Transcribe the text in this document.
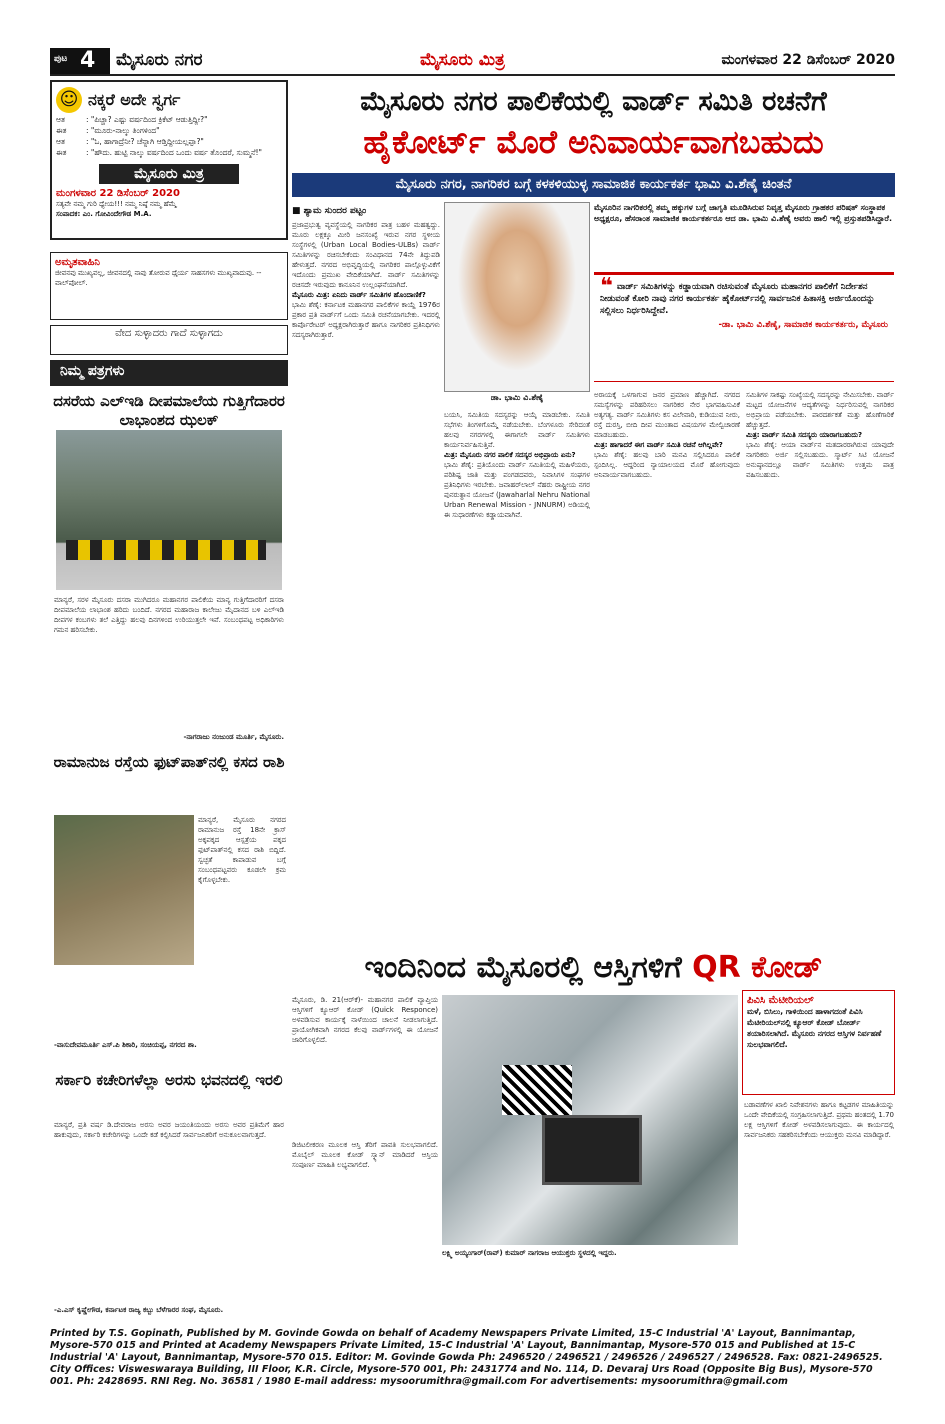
ಪುಟ 4 ಮೈಸೂರು ನಗರ	ಮೈಸೂರು ಮಿತ್ರ	ಮಂಗಳವಾರ 22 ಡಿಸೆಂಬರ್ 2020
☺ ನಕ್ಕರೆ ಅದೇ ಸ್ವರ್ಗ
ಆತ	: "ಪಿಚ್ಚಾ? ಎಷ್ಟು ವರ್ಷದಿಂದ ಕ್ರಿಕೆಟ್ ಆಡುತ್ತಿದ್ದೀ?"
ಈತ	: "ಮೂರು-ನಾಲ್ಕು ತಿಂಗಳಿಂದ"
ಆತ	: "ಓ, ಹಾಗಾದ್ರೆನೀ? ಚೆನ್ನಾಗಿ ಆಡ್ತಿದ್ದೀಯಲ್ಲಪ್ಪಾ?"
ಈತ	: "ಹೌದು. ಹುಟ್ಟಿ ನಾಲ್ಕು ವರ್ಷದಿಂದ ಒಂದು ವರ್ಷ ತೊಂದರೆ, ಸುಮ್ಮನೆ!"
ಮೈಸೂರು ಮಿತ್ರ
ಮಂಗಳವಾರ 22 ಡಿಸೆಂಬರ್ 2020
ಸತ್ಯವೇ ನಮ್ಮ ಗುರಿ ಧ್ಯೇಯ!!! ನಮ್ಮ ನಿಷ್ಠೆ ನಮ್ಮ ಹೆಮ್ಮೆ
ಸಂಪಾದಕ: ಎಂ. ಗೋವಿಂದೇಗೌಡ M.A.
ಅಮೃತವಾಹಿನಿ
ಜೀವನವು ಮುಖ್ಯವಲ್ಲ, ಜೀವನದಲ್ಲಿ ನಾವು ತೋರುವ ಧೈರ್ಯ ಸಾಹಸಗಳು ಮುಖ್ಯವಾದುವು. --ವಾಲ್‌ಪೋಲ್.
ವೇದ ಸುಳ್ಳಾದರು ಗಾದೆ ಸುಳ್ಳಾಗದು
ನಿಮ್ಮ ಪತ್ರಗಳು
ದಸರೆಯ ಎಲ್‌ಇಡಿ ದೀಪಮಾಲೆಯ ಗುತ್ತಿಗೆದಾರರ ಲಾಭಾಂಶದ ಝಲಕ್
ಮಾನ್ಯರೆ, ಸರಳ ಮೈಸೂರು ದಸರಾ ಮುಗಿದರೂ ಮಹಾನಗರ ಪಾಲಿಕೆಯ ಮಾನ್ಯ ಗುತ್ತಿಗೆದಾರರಿಗೆ ದಸರಾ ದೀಪಮಾಲೆಯ ಲಾಭಾಂಶ ಹರಿದು ಬಂದಿದೆ. ನಗರದ ಮಹಾರಾಜ ಕಾಲೇಜು ಮೈದಾನದ ಬಳಿ ಎಲ್‌ಇಡಿ ದೀಪಗಳ ಕಂಬಗಳು ತಲೆ ಎತ್ತಿದ್ದು ಹಲವು ದಿನಗಳಿಂದ ಉರಿಯುತ್ತಲೇ ಇವೆ. ಸಂಬಂಧಪಟ್ಟ ಅಧಿಕಾರಿಗಳು ಗಮನ ಹರಿಸಬೇಕು.
-ನಾಗರಾಜು ನಂಜುಂಡ ಮೂರ್ತಿ, ಮೈಸೂರು.
ರಾಮಾನುಜ ರಸ್ತೆಯ ಫುಟ್‌ಪಾತ್‌ನಲ್ಲಿ ಕಸದ ರಾಶಿ
ಮಾನ್ಯರೆ, ಮೈಸೂರು ನಗರದ ರಾಮಾನುಜ ರಸ್ತೆ 18ನೇ ಕ್ರಾಸ್ ಅಕ್ಕಪಕ್ಕದ ಆಸ್ಪತ್ರೆಯ ಪಕ್ಕದ ಫುಟ್‌ಪಾತ್‌ನಲ್ಲಿ ಕಸದ ರಾಶಿ ಬಿದ್ದಿದೆ. ಸ್ವಚ್ಛತೆ ಕಾಪಾಡುವ ಬಗ್ಗೆ ಸಂಬಂಧಪಟ್ಟವರು ಕೂಡಲೇ ಕ್ರಮ ಕೈಗೊಳ್ಳಬೇಕು.
-ವಾಸುದೇವಮೂರ್ತಿ ಎಸ್.ಪಿ ಶಿಕಾರಿ, ಸಂಚಿಯಪ್ಪ, ನಗರದ ಶಾ.
ಸರ್ಕಾರಿ ಕಚೇರಿಗಳೆಲ್ಲಾ ಅರಸು ಭವನದಲ್ಲಿ ಇರಲಿ
ಮಾನ್ಯರೆ, ಪ್ರತಿ ವರ್ಷ ಡಿ.ದೇವರಾಜ ಅರಸು ಅವರ ಜಯಂತಿಯಂದು ಅರಸು ಅವರ ಪ್ರತಿಮೆಗೆ ಹಾರ ಹಾಕುವುದು, ಸರ್ಕಾರಿ ಕಚೇರಿಗಳನ್ನು ಒಂದೇ ಕಡೆ ಕಲ್ಪಿಸಿದರೆ ಸಾರ್ವಜನಿಕರಿಗೆ ಅನುಕೂಲವಾಗುತ್ತದೆ.
-ಎ.ಎಸ್ ಕೃಷ್ಣೇಗೌಡ, ಕರ್ನಾಟಕ ರಾಜ್ಯ ಕಬ್ಬು ಬೆಳೆಗಾರರ ಸಂಘ, ಮೈಸೂರು.
ಮೈಸೂರು ನಗರ ಪಾಲಿಕೆಯಲ್ಲಿ ವಾರ್ಡ್ ಸಮಿತಿ ರಚನೆಗೆ
ಹೈಕೋರ್ಟ್ ಮೊರೆ ಅನಿವಾರ್ಯವಾಗಬಹುದು
ಮೈಸೂರು ನಗರ, ನಾಗರಿಕರ ಬಗ್ಗೆ ಕಳಕಳಿಯುಳ್ಳ ಸಾಮಾಜಿಕ ಕಾರ್ಯಕರ್ತ ಭಾಮಿ ವಿ.ಶೆಣೈ ಚಿಂತನೆ
■ ಶ್ಯಾಮ ಸುಂದರ ಪಟ್ಟಂ
ಪ್ರಜಾಪ್ರಭುತ್ವ ವ್ಯವಸ್ಥೆಯಲ್ಲಿ ನಾಗರಿಕರ ಪಾತ್ರ ಬಹಳ ಮಹತ್ವದ್ದು. ಮೂರು ಲಕ್ಷಕ್ಕೂ ಮೀರಿ ಜನಸಂಖ್ಯೆ ಇರುವ ನಗರ ಸ್ಥಳೀಯ ಸಂಸ್ಥೆಗಳಲ್ಲಿ (Urban Local Bodies-ULBs) ವಾರ್ಡ್ ಸಮಿತಿಗಳನ್ನು ರಚಿಸಬೇಕೆಂದು ಸಂವಿಧಾನದ 74ನೇ ತಿದ್ದುಪಡಿ ಹೇಳುತ್ತದೆ. ನಗರದ ಅಭಿವೃದ್ಧಿಯಲ್ಲಿ ನಾಗರಿಕರ ಪಾಲ್ಗೊಳ್ಳುವಿಕೆಗೆ ಇದೊಂದು ಪ್ರಮುಖ ವೇದಿಕೆಯಾಗಿದೆ. ವಾರ್ಡ್ ಸಮಿತಿಗಳನ್ನು ರಚಿಸದೇ ಇರುವುದು ಕಾನೂನಿನ ಉಲ್ಲಂಘನೆಯಾಗಿದೆ.
ಮೈಸೂರು ಮಿತ್ರ: ಏನಿದು ವಾರ್ಡ್ ಸಮಿತಿಗಳ ಹೊಂದಾಣಿಕೆ?
ಭಾಮಿ ಶೆಣೈ: ಕರ್ನಾಟಕ ಮಹಾನಗರ ಪಾಲಿಕೆಗಳ ಕಾಯ್ದೆ 1976ರ ಪ್ರಕಾರ ಪ್ರತಿ ವಾರ್ಡ್‌ಗೆ ಒಂದು ಸಮಿತಿ ರಚನೆಯಾಗಬೇಕು. ಇದರಲ್ಲಿ ಕಾರ್ಪೊರೇಟರ್ ಅಧ್ಯಕ್ಷರಾಗಿರುತ್ತಾರೆ ಹಾಗೂ ನಾಗರಿಕರ ಪ್ರತಿನಿಧಿಗಳು ಸದಸ್ಯರಾಗಿರುತ್ತಾರೆ.
ಡಾ. ಭಾಮಿ ವಿ.ಶೆಣೈ
ಮೈಸೂರಿನ ನಾಗರಿಕರಲ್ಲಿ ತಮ್ಮ ಹಕ್ಕುಗಳ ಬಗ್ಗೆ ಜಾಗೃತಿ ಮೂಡಿಸಿರುವ ನಿವೃತ್ತ ಮೈಸೂರು ಗ್ರಾಹಕರ ಪರಿಷತ್ ಸಂಸ್ಥಾಪಕ ಅಧ್ಯಕ್ಷರೂ, ಹೆಸರಾಂತ ಸಾಮಾಜಿಕ ಕಾರ್ಯಕರ್ತರೂ ಆದ ಡಾ. ಭಾಮಿ ವಿ.ಶೆಣೈ ಅವರು ಹಾಲಿ ಇಲ್ಲಿ ಪ್ರಸ್ತುತಪಡಿಸಿದ್ದಾರೆ.
❝ ವಾರ್ಡ್ ಸಮಿತಿಗಳನ್ನು ಕಡ್ಡಾಯವಾಗಿ ರಚಿಸುವಂತೆ ಮೈಸೂರು ಮಹಾನಗರ ಪಾಲಿಕೆಗೆ ನಿರ್ದೇಶನ ನೀಡುವಂತೆ ಕೋರಿ ನಾವು ನಗರ ಕಾರ್ಯಕರ್ತ ಹೈಕೋರ್ಟ್‌ನಲ್ಲಿ ಸಾರ್ವಜನಿಕ ಹಿತಾಸಕ್ತಿ ಅರ್ಜಿಯೊಂದನ್ನು ಸಲ್ಲಿಸಲು ನಿರ್ಧರಿಸಿದ್ದೇವೆ.
-ಡಾ. ಭಾಮಿ ವಿ.ಶೆಣೈ, ಸಾಮಾಜಿಕ ಕಾರ್ಯಕರ್ತರು, ಮೈಸೂರು
ಬಯಸಿ, ಸಮಿತಿಯ ಸದಸ್ಯರನ್ನು ಆಯ್ಕೆ ಮಾಡಬೇಕು. ಸಮಿತಿ ಸಭೆಗಳು ತಿಂಗಳಿಗೊಮ್ಮೆ ನಡೆಯಬೇಕು. ಬೆಂಗಳೂರು ಸೇರಿದಂತೆ ಹಲವು ನಗರಗಳಲ್ಲಿ ಈಗಾಗಲೇ ವಾರ್ಡ್ ಸಮಿತಿಗಳು ಕಾರ್ಯನಿರ್ವಹಿಸುತ್ತಿವೆ.
ಮಿತ್ರ: ಮೈಸೂರು ನಗರ ಪಾಲಿಕೆ ಸದಸ್ಯರ ಅಭಿಪ್ರಾಯ ಏನು?
ಭಾಮಿ ಶೆಣೈ: ಪ್ರತಿಯೊಂದು ವಾರ್ಡ್ ಸಮಿತಿಯಲ್ಲಿ ಮಹಿಳೆಯರು, ಪರಿಶಿಷ್ಟ ಜಾತಿ ಮತ್ತು ಪಂಗಡದವರು, ನಿವಾಸಿಗಳ ಸಂಘಗಳ ಪ್ರತಿನಿಧಿಗಳು ಇರಬೇಕು. ಜವಾಹರ್‌ಲಾಲ್ ನೆಹರು ರಾಷ್ಟ್ರೀಯ ನಗರ ಪುನರುತ್ಥಾನ ಯೋಜನೆ (Jawaharlal Nehru National Urban Renewal Mission - JNNURM) ಅಡಿಯಲ್ಲಿ ಈ ಸುಧಾರಣೆಗಳು ಕಡ್ಡಾಯವಾಗಿವೆ.
ಅರಾಯಕ್ಕೆ ಒಳಗಾಗುವ ಜನರ ಪ್ರಮಾಣ ಹೆಚ್ಚಾಗಿದೆ. ನಗರದ ಸಮಸ್ಯೆಗಳನ್ನು ಪರಿಹರಿಸಲು ನಾಗರಿಕರ ನೇರ ಭಾಗವಹಿಸುವಿಕೆ ಅತ್ಯಗತ್ಯ. ವಾರ್ಡ್ ಸಮಿತಿಗಳು ಕಸ ವಿಲೇವಾರಿ, ಕುಡಿಯುವ ನೀರು, ರಸ್ತೆ ದುರಸ್ತಿ, ಬೀದಿ ದೀಪ ಮುಂತಾದ ವಿಷಯಗಳ ಮೇಲ್ವಿಚಾರಣೆ ಮಾಡಬಹುದು.
ಮಿತ್ರ: ಹಾಗಾದರೆ ಈಗ ವಾರ್ಡ್ ಸಮಿತಿ ರಚನೆ ಆಗಿಲ್ಲವೇ?
ಭಾಮಿ ಶೆಣೈ: ಹಲವು ಬಾರಿ ಮನವಿ ಸಲ್ಲಿಸಿದರೂ ಪಾಲಿಕೆ ಸ್ಪಂದಿಸಿಲ್ಲ. ಆದ್ದರಿಂದ ನ್ಯಾಯಾಲಯದ ಮೊರೆ ಹೋಗುವುದು ಅನಿವಾರ್ಯವಾಗಬಹುದು.
ಸಮಿತಿಗಳ ಸಾಕಷ್ಟು ಸಂಖ್ಯೆಯಲ್ಲಿ ಸದಸ್ಯರನ್ನು ನೇಮಿಸಬೇಕು. ವಾರ್ಡ್ ಮಟ್ಟದ ಯೋಜನೆಗಳ ಆದ್ಯತೆಗಳನ್ನು ನಿರ್ಧರಿಸುವಲ್ಲಿ ನಾಗರಿಕರ ಅಭಿಪ್ರಾಯ ಪಡೆಯಬೇಕು. ಪಾರದರ್ಶಕತೆ ಮತ್ತು ಹೊಣೆಗಾರಿಕೆ ಹೆಚ್ಚುತ್ತದೆ.
ಮಿತ್ರ: ವಾರ್ಡ್ ಸಮಿತಿ ಸದಸ್ಯರು ಯಾರಾಗಬಹುದು?
ಭಾಮಿ ಶೆಣೈ: ಆಯಾ ವಾರ್ಡ್‌ನ ಮತದಾರರಾಗಿರುವ ಯಾವುದೇ ನಾಗರಿಕರು ಅರ್ಜಿ ಸಲ್ಲಿಸಬಹುದು. ಸ್ಮಾರ್ಟ್ ಸಿಟಿ ಯೋಜನೆ ಅನುಷ್ಠಾನದಲ್ಲೂ ವಾರ್ಡ್ ಸಮಿತಿಗಳು ಉತ್ತಮ ಪಾತ್ರ ವಹಿಸಬಹುದು.
ಇಂದಿನಿಂದ ಮೈಸೂರಲ್ಲಿ ಆಸ್ತಿಗಳಿಗೆ QR ಕೋಡ್
ಮೈಸೂರು, ಡಿ. 21(ಆರ್‌ಕೆ)- ಮಹಾನಗರ ಪಾಲಿಕೆ ವ್ಯಾಪ್ತಿಯ ಆಸ್ತಿಗಳಿಗೆ ಕ್ಯೂಆರ್ ಕೋಡ್ (Quick Responce) ಅಳವಡಿಸುವ ಕಾರ್ಯಕ್ಕೆ ನಾಳೆಯಿಂದ ಚಾಲನೆ ನೀಡಲಾಗುತ್ತಿದೆ. ಪ್ರಾಯೋಗಿಕವಾಗಿ ನಗರದ ಕೆಲವು ವಾರ್ಡ್‌ಗಳಲ್ಲಿ ಈ ಯೋಜನೆ ಜಾರಿಗೊಳ್ಳಲಿದೆ.
ಡಿಜಿಟಲೀಕರಣ ಮೂಲಕ ಆಸ್ತಿ ತೆರಿಗೆ ಪಾವತಿ ಸುಲಭವಾಗಲಿದೆ. ಮೊಬೈಲ್ ಮೂಲಕ ಕೋಡ್ ಸ್ಕ್ಯಾನ್ ಮಾಡಿದರೆ ಆಸ್ತಿಯ ಸಂಪೂರ್ಣ ಮಾಹಿತಿ ಲಭ್ಯವಾಗಲಿದೆ.
ಲಕ್ಷ್ಮಿ ಅಯ್ಯಂಗಾರ್‌(ರಾವ್) ಕುಮಾರ್ ನಾಗರಾಜ ಆಯುಕ್ತರು ಸ್ಥಳದಲ್ಲಿ ಇದ್ದರು.
ಪಿವಿಸಿ ಮೆಟೀರಿಯಲ್
ಮಳೆ, ಬಿಸಿಲು, ಗಾಳಿಯಿಂದ ಹಾಳಾಗದಂತೆ ಪಿವಿಸಿ ಮೆಟೀರಿಯಲ್‌ನಲ್ಲಿ ಕ್ಯೂಆರ್ ಕೋಡ್ ಬೋರ್ಡ್ ತಯಾರಿಸಲಾಗಿದೆ. ಮೈಸೂರು ನಗರದ ಆಸ್ತಿಗಳ ನಿರ್ವಹಣೆ ಸುಲಭವಾಗಲಿದೆ.
ಬಡಾವಣೆಗಳ ಖಾಲಿ ನಿವೇಶನಗಳು ಹಾಗೂ ಕಟ್ಟಡಗಳ ಮಾಹಿತಿಯನ್ನು ಒಂದೇ ವೇದಿಕೆಯಲ್ಲಿ ಸಂಗ್ರಹಿಸಲಾಗುತ್ತಿದೆ. ಪ್ರಥಮ ಹಂತದಲ್ಲಿ 1.70 ಲಕ್ಷ ಆಸ್ತಿಗಳಿಗೆ ಕೋಡ್ ಅಳವಡಿಸಲಾಗುವುದು. ಈ ಕಾರ್ಯದಲ್ಲಿ ಸಾರ್ವಜನಿಕರು ಸಹಕರಿಸಬೇಕೆಂದು ಆಯುಕ್ತರು ಮನವಿ ಮಾಡಿದ್ದಾರೆ.
Printed by T.S. Gopinath, Published by M. Govinde Gowda on behalf of Academy Newspapers Private Limited, 15-C Industrial 'A' Layout, Bannimantap, Mysore-570 015 and Printed at Academy Newspapers Private Limited, 15-C Industrial 'A' Layout, Bannimantap, Mysore-570 015 and Published at 15-C Industrial 'A' Layout, Bannimantap, Mysore-570 015. Editor: M. Govinde Gowda Ph: 2496520 / 2496521 / 2496526 / 2496527 / 2496528. Fax: 0821-2496525. City Offices: Visweswaraya Building, III Floor, K.R. Circle, Mysore-570 001, Ph: 2431774 and No. 114, D. Devaraj Urs Road (Opposite Big Bus), Mysore-570 001. Ph: 2428695. RNI Reg. No. 36581 / 1980 E-mail address: mysoorumithra@gmail.com For advertisements: mysoorumithra@gmail.com
